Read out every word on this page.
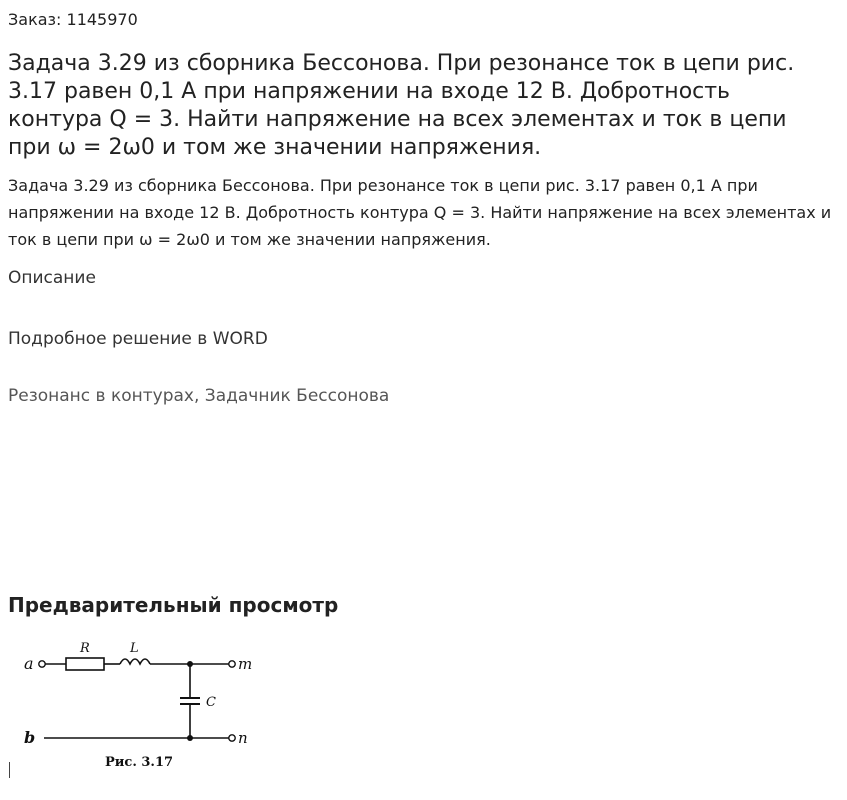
Заказ: 1145970
Задача 3.29 из сборника Бессонова. При резонансе ток в цепи рис. 3.17 равен 0,1 А при напряжении на входе 12 В. Добротность контура Q = 3. Найти напряжение на всех элементах и ток в цепи при ω = 2ω0 и том же значении напряжения.
Задача 3.29 из сборника Бессонова. При резонансе ток в цепи рис. 3.17 равен 0,1 А при напряжении на входе 12 В. Добротность контура Q = 3. Найти напряжение на всех элементах и ток в цепи при ω = 2ω0 и том же значении напряжения.
Описание
Подробное решение в WORD
Резонанс в контурах, Задачник Бессонова
Предварительный просмотр
a
b
m
n
R	L
C
Рис. 3.17
